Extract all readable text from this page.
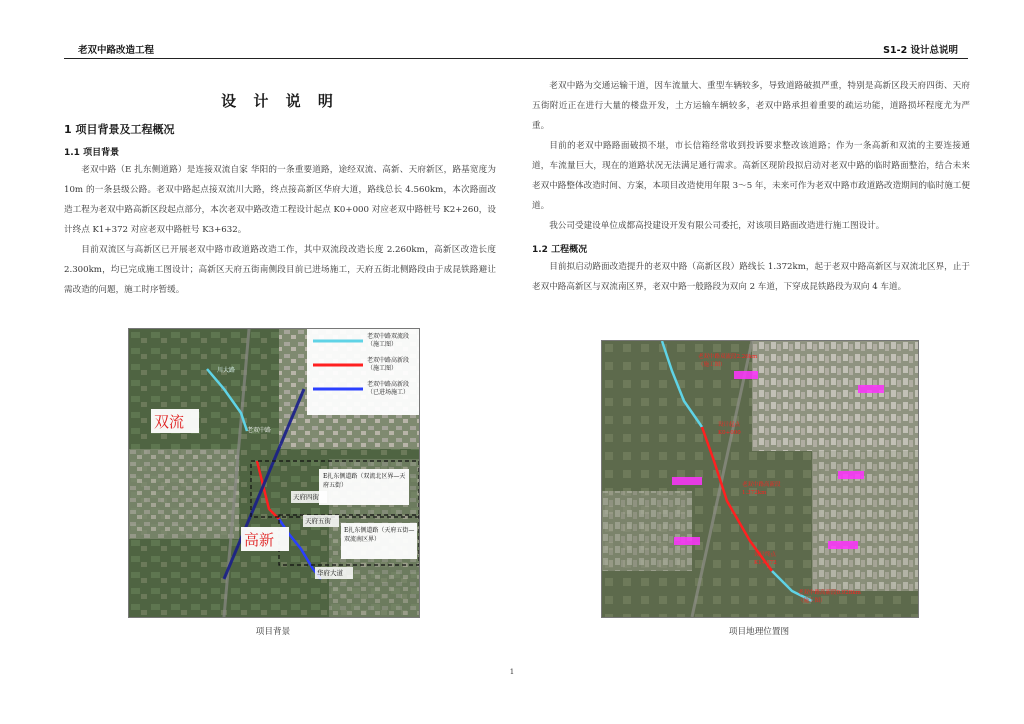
老双中路改造工程	S1-2 设计总说明
设 计 说 明
1 项目背景及工程概况
1.1 项目背景

老双中路（E 扎东侧道路）是连接双流自家 华阳的一条重要道路，途经双流、高新、天府新区，路基宽度为 10m 的一条县级公路。老双中路起点接双流川大路，终点接高新区华府大道，路线总长 4.560km，本次路面改造工程为老双中路高新区段起点部分，本次老双中路改造工程设计起点 K0+000 对应老双中路桩号 K2+260，设计终点 K1+372 对应老双中路桩号 K3+632。

目前双流区与高新区已开展老双中路市政道路改造工作，其中双流段改造长度 2.260km，高新区改造长度 2.300km，均已完成施工图设计；高新区天府五街南侧段目前已进场施工，天府五街北侧路段由于成昆铁路避让需改造的问题，施工时序暂缓。

老双中路为交通运输干道，因车流量大、重型车辆较多，导致道路破损严重，特别是高新区段天府四街、天府五街附近正在进行大量的楼盘开发，土方运输车辆较多，老双中路承担着重要的疏运功能，道路损坏程度尤为严重。

目前的老双中路路面破损不堪，市长信箱经常收到投诉要求整改该道路；作为一条高新和双流的主要连接通道，车流量巨大，现在的道路状况无法满足通行需求。高新区现阶段拟启动对老双中路的临时路面整治，结合未来老双中路整体改造时间、方案，本项目改造使用年限 3～5 年，未来可作为老双中路市政道路改造期间的临时施工便道。

我公司受建设单位成都高投建设开发有限公司委托，对该项目路面改造进行施工图设计。

1.2 工程概况

目前拟启动路面改造提升的老双中路（高新区段）路线长 1.372km，起于老双中路高新区与双流北区界，止于老双中路高新区与双流南区界，老双中路一般路段为双向 2 车道，下穿成昆铁路段为双向 4 车道。

双流
高新
老双中路双流段（施工图）
老双中路高新段（施工图）
老双中路高新段（已进场施工）
E扎东侧道路（双流北区界—天府五街）
E扎东侧道路（天府五街—双流南区界）
天府四街
天府五街
华府大道
川大路
老双中路
项目背景
老双中路双流段2.26km（施工图）
设计起点 K0+000
老双中路高新段1.372km
设计终点 K1+372
老双中路高新段0.928km（施工图）
项目地理位置图
1
